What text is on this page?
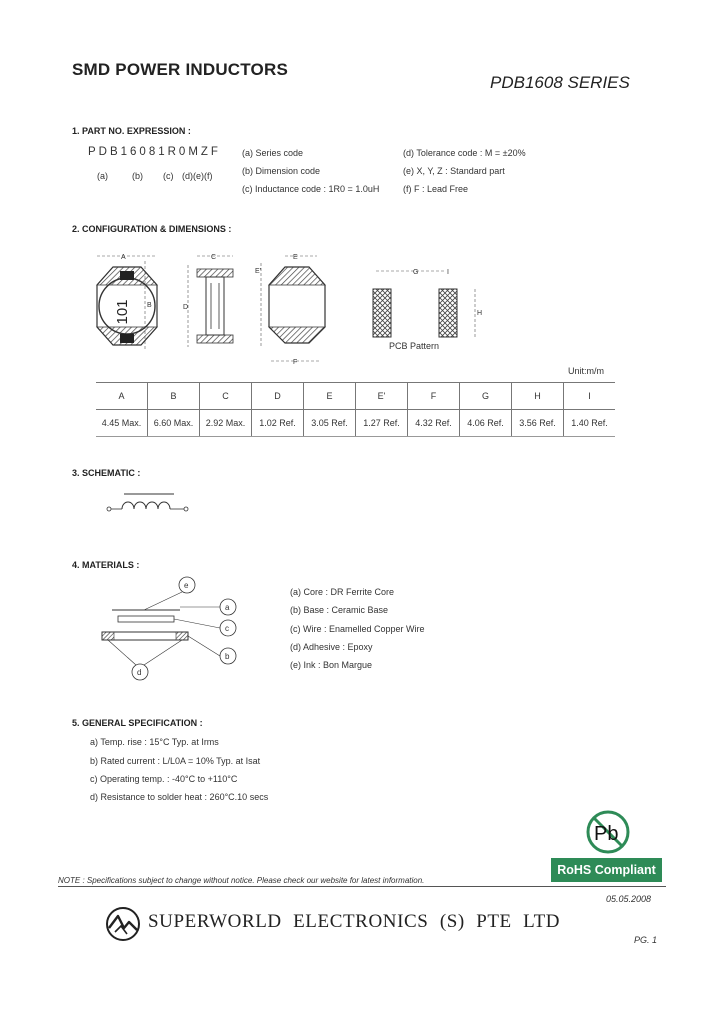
SMD POWER INDUCTORS
PDB1608 SERIES
1. PART NO. EXPRESSION :
PDB16081R0MZF
(a)	(b) (c) (d)(e)(f)
(a) Series code
(b) Dimension code
(c) Inductance code : 1R0 = 1.0uH
(d) Tolerance code : M = ±20%
(e) X, Y, Z : Standard part
(f) F : Lead Free
2. CONFIGURATION & DIMENSIONS :
A
B
101
C
D
E
E'
F
G	I
H
PCB Pattern
Unit:m/m
A	B	C	D	E	E'	F	G	H	I
4.45 Max.	6.60 Max.	2.92 Max.	1.02 Ref.	3.05 Ref.	1.27 Ref.	4.32 Ref.	4.06 Ref.	3.56 Ref.	1.40 Ref.
3. SCHEMATIC :
4. MATERIALS :
e
a
c
b
d
(a) Core : DR Ferrite Core
(b) Base : Ceramic Base
(c) Wire : Enamelled Copper Wire
(d) Adhesive : Epoxy
(e) Ink : Bon Margue
5. GENERAL SPECIFICATION :
a) Temp. rise : 15°C Typ. at Irms
b) Rated current : L/L0A = 10% Typ. at Isat
c) Operating temp. : -40°C to +110°C
d) Resistance to solder heat : 260°C.10 secs
Pb
RoHS Compliant
NOTE : Specifications subject to change without notice. Please check our website for latest information.
05.05.2008
SUPERWORLD ELECTRONICS (S) PTE LTD
PG. 1
